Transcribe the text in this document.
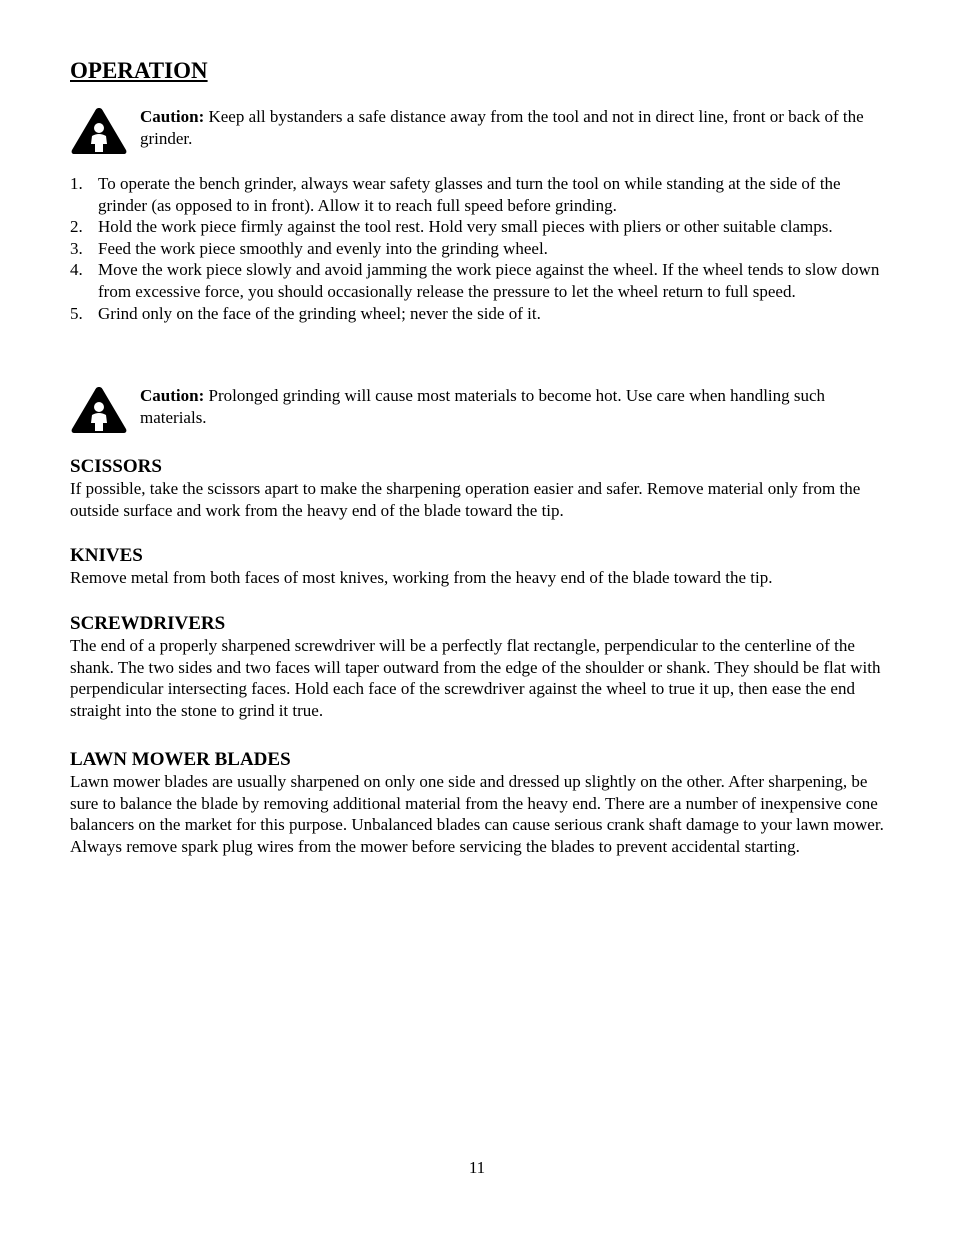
OPERATION
Caution: Keep all bystanders a safe distance away from the tool and not in direct line, front or back of the grinder.
1. To operate the bench grinder, always wear safety glasses and turn the tool on while standing at the side of the grinder (as opposed to in front). Allow it to reach full speed before grinding.
2. Hold the work piece firmly against the tool rest. Hold very small pieces with pliers or other suitable clamps.
3. Feed the work piece smoothly and evenly into the grinding wheel.
4. Move the work piece slowly and avoid jamming the work piece against the wheel. If the wheel tends to slow down from excessive force, you should occasionally release the pressure to let the wheel return to full speed.
5. Grind only on the face of the grinding wheel; never the side of it.
Caution: Prolonged grinding will cause most materials to become hot. Use care when handling such materials.
SCISSORS

If possible, take the scissors apart to make the sharpening operation easier and safer. Remove material only from the outside surface and work from the heavy end of the blade toward the tip.

KNIVES

Remove metal from both faces of most knives, working from the heavy end of the blade toward the tip.

SCREWDRIVERS

The end of a properly sharpened screwdriver will be a perfectly flat rectangle, perpendicular to the centerline of the shank. The two sides and two faces will taper outward from the edge of the shoulder or shank. They should be flat with perpendicular intersecting faces. Hold each face of the screwdriver against the wheel to true it up, then ease the end straight into the stone to grind it true.

LAWN MOWER BLADES

Lawn mower blades are usually sharpened on only one side and dressed up slightly on the other. After sharpening, be sure to balance the blade by removing additional material from the heavy end. There are a number of inexpensive cone balancers on the market for this purpose. Unbalanced blades can cause serious crank shaft damage to your lawn mower. Always remove spark plug wires from the mower before servicing the blades to prevent accidental starting.

11
